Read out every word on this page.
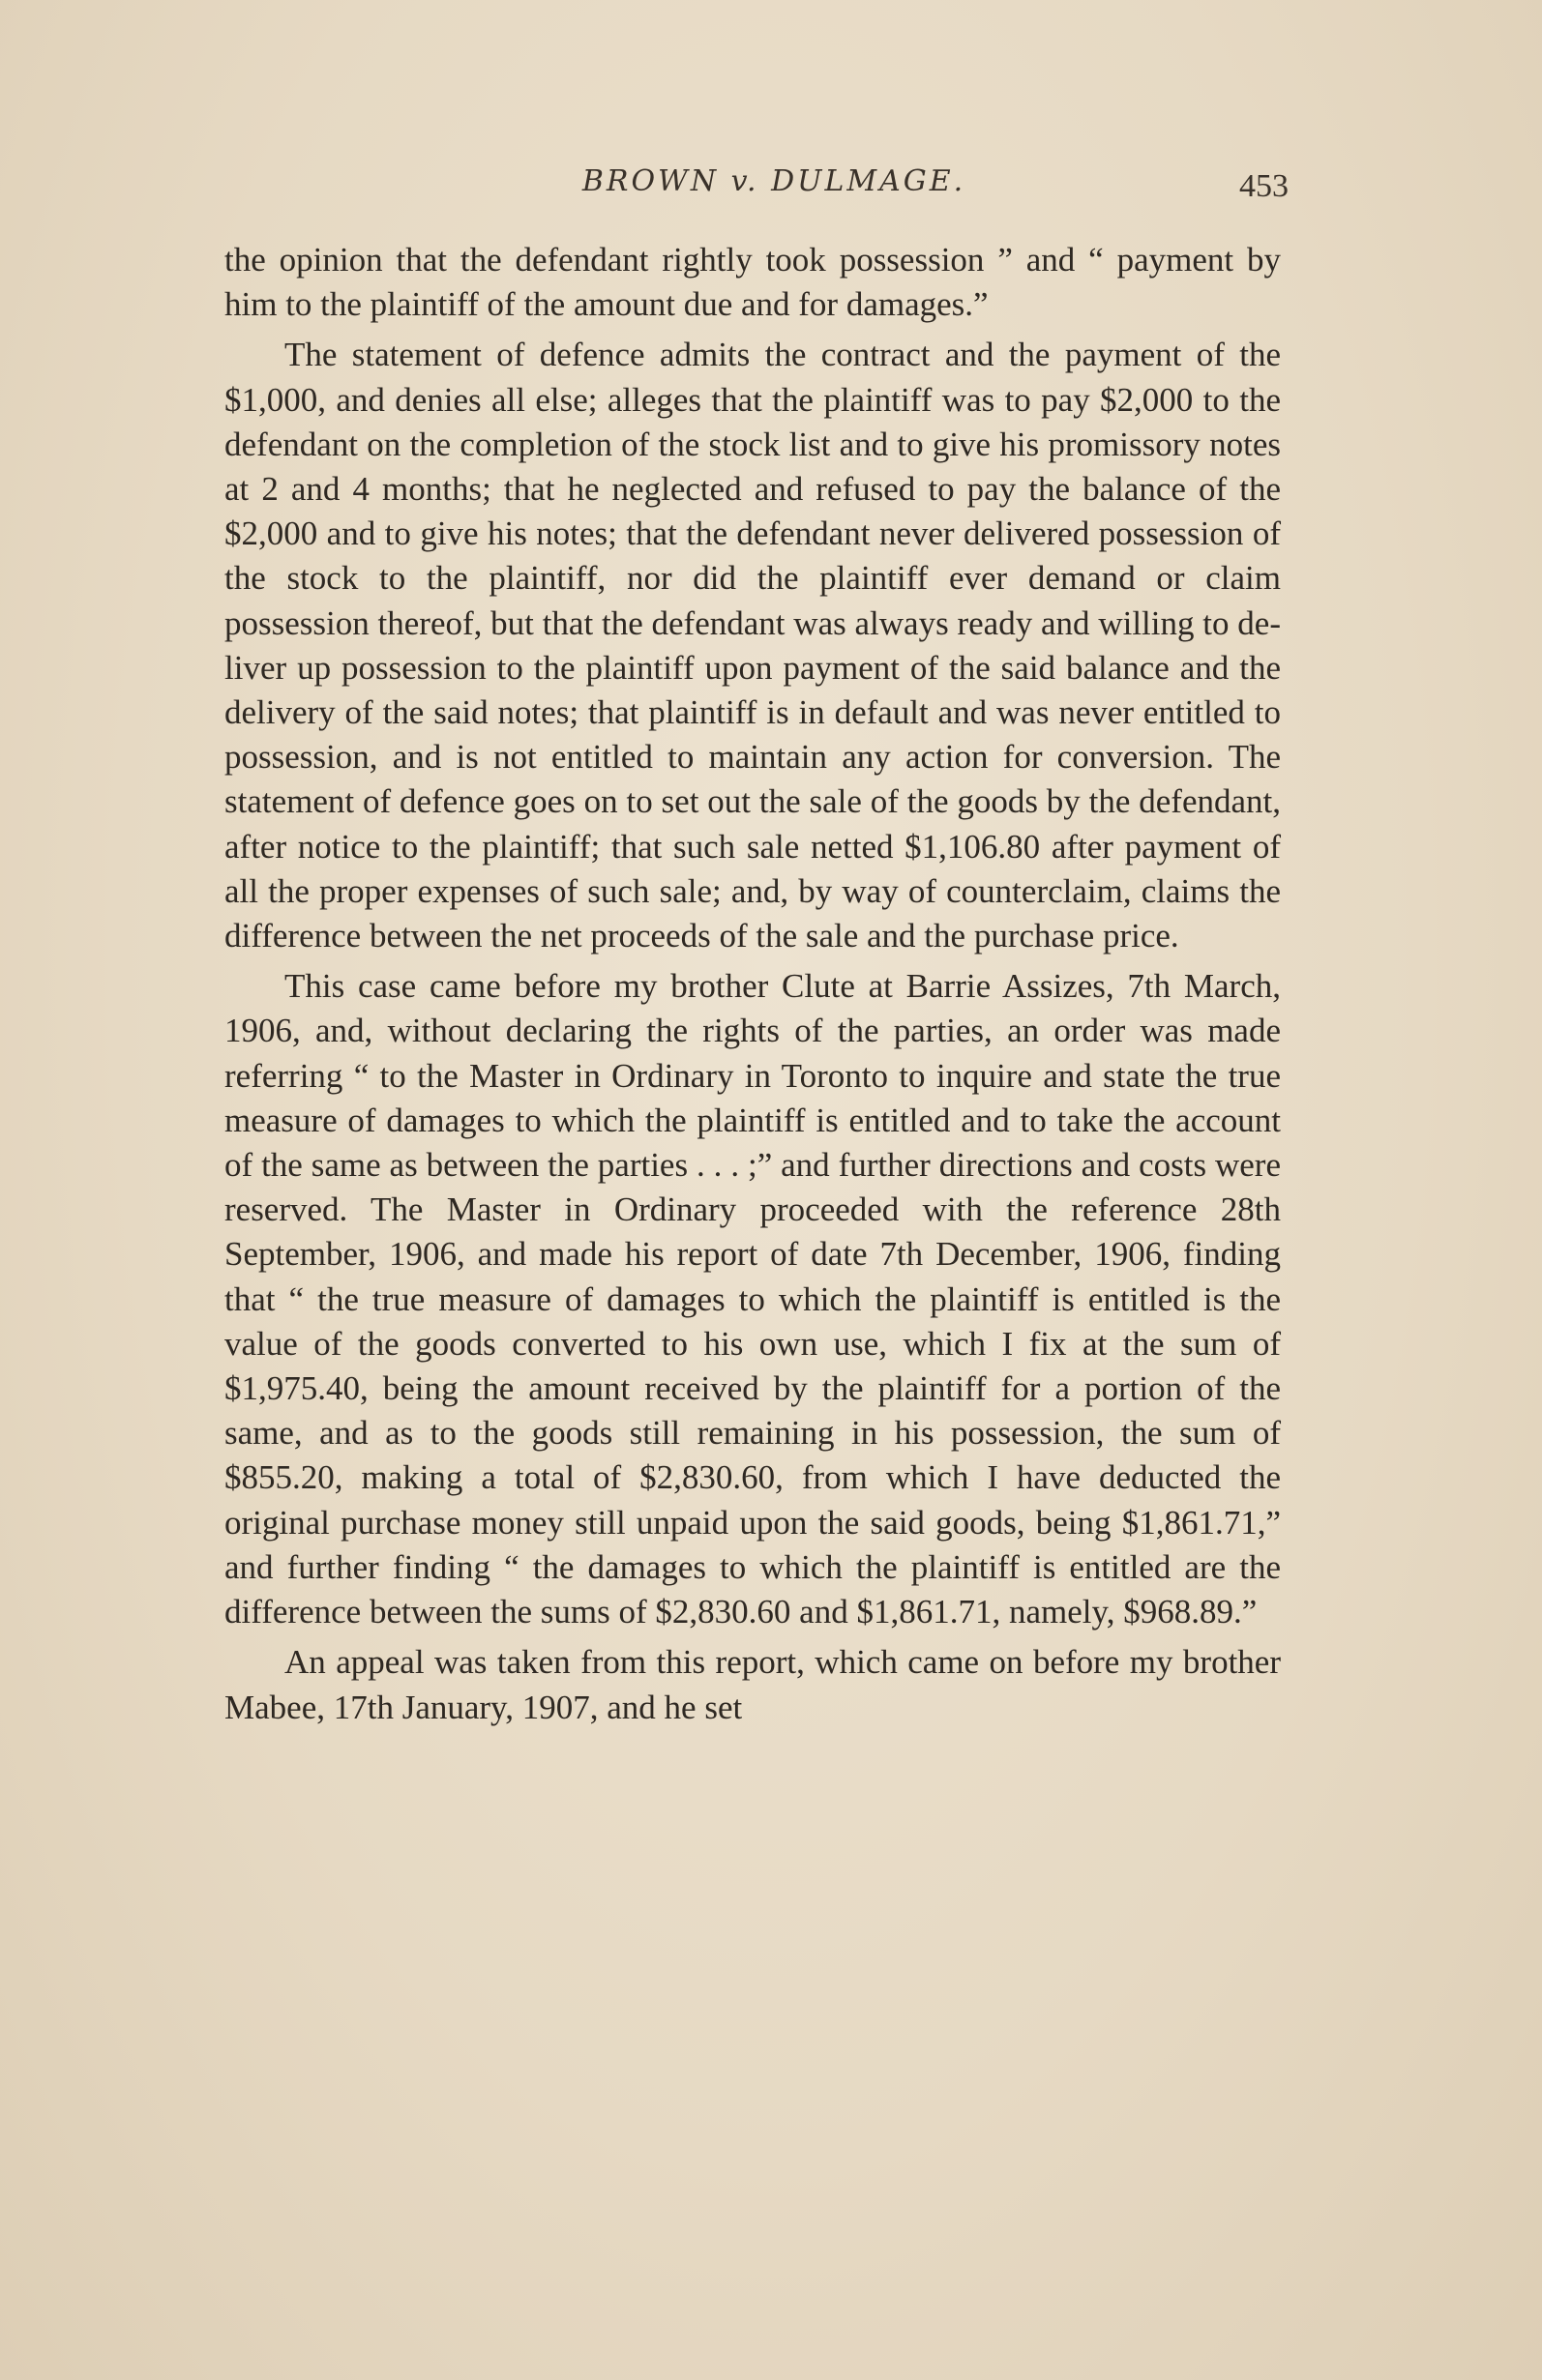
BROWN v. DULMAGE.	453

the opinion that the defendant rightly took possession ” and “ payment by him to the plaintiff of the amount due and for damages.”

The statement of defence admits the contract and the payment of the $1,000, and denies all else; alleges that the plaintiff was to pay $2,000 to the defendant on the completion of the stock list and to give his promissory notes at 2 and 4 months; that he neglected and refused to pay the balance of the $2,000 and to give his notes; that the defendant never delivered possession of the stock to the plaintiff, nor did the plaintiff ever demand or claim possession thereof, but that the defendant was always ready and willing to deliver up possession to the plaintiff upon payment of the said balance and the delivery of the said notes; that plaintiff is in default and was never entitled to possession, and is not entitled to maintain any action for conversion. The statement of defence goes on to set out the sale of the goods by the defendant, after notice to the plaintiff; that such sale netted $1,106.80 after payment of all the proper expenses of such sale; and, by way of counterclaim, claims the difference between the net proceeds of the sale and the purchase price.

This case came before my brother Clute at Barrie Assizes, 7th March, 1906, and, without declaring the rights of the parties, an order was made referring “ to the Master in Ordinary in Toronto to inquire and state the true measure of damages to which the plaintiff is entitled and to take the account of the same as between the parties . . . ;” and further directions and costs were reserved. The Master in Ordinary proceeded with the reference 28th September, 1906, and made his report of date 7th December, 1906, finding that “ the true measure of damages to which the plaintiff is entitled is the value of the goods converted to his own use, which I fix at the sum of $1,975.40, being the amount received by the plaintiff for a portion of the same, and as to the goods still remaining in his possession, the sum of $855.20, making a total of $2,830.60, from which I have deducted the original purchase money still unpaid upon the said goods, being $1,861.71,” and further finding “ the damages to which the plaintiff is entitled are the difference between the sums of $2,830.60 and $1,861.71, namely, $968.89.”

An appeal was taken from this report, which came on before my brother Mabee, 17th January, 1907, and he set
